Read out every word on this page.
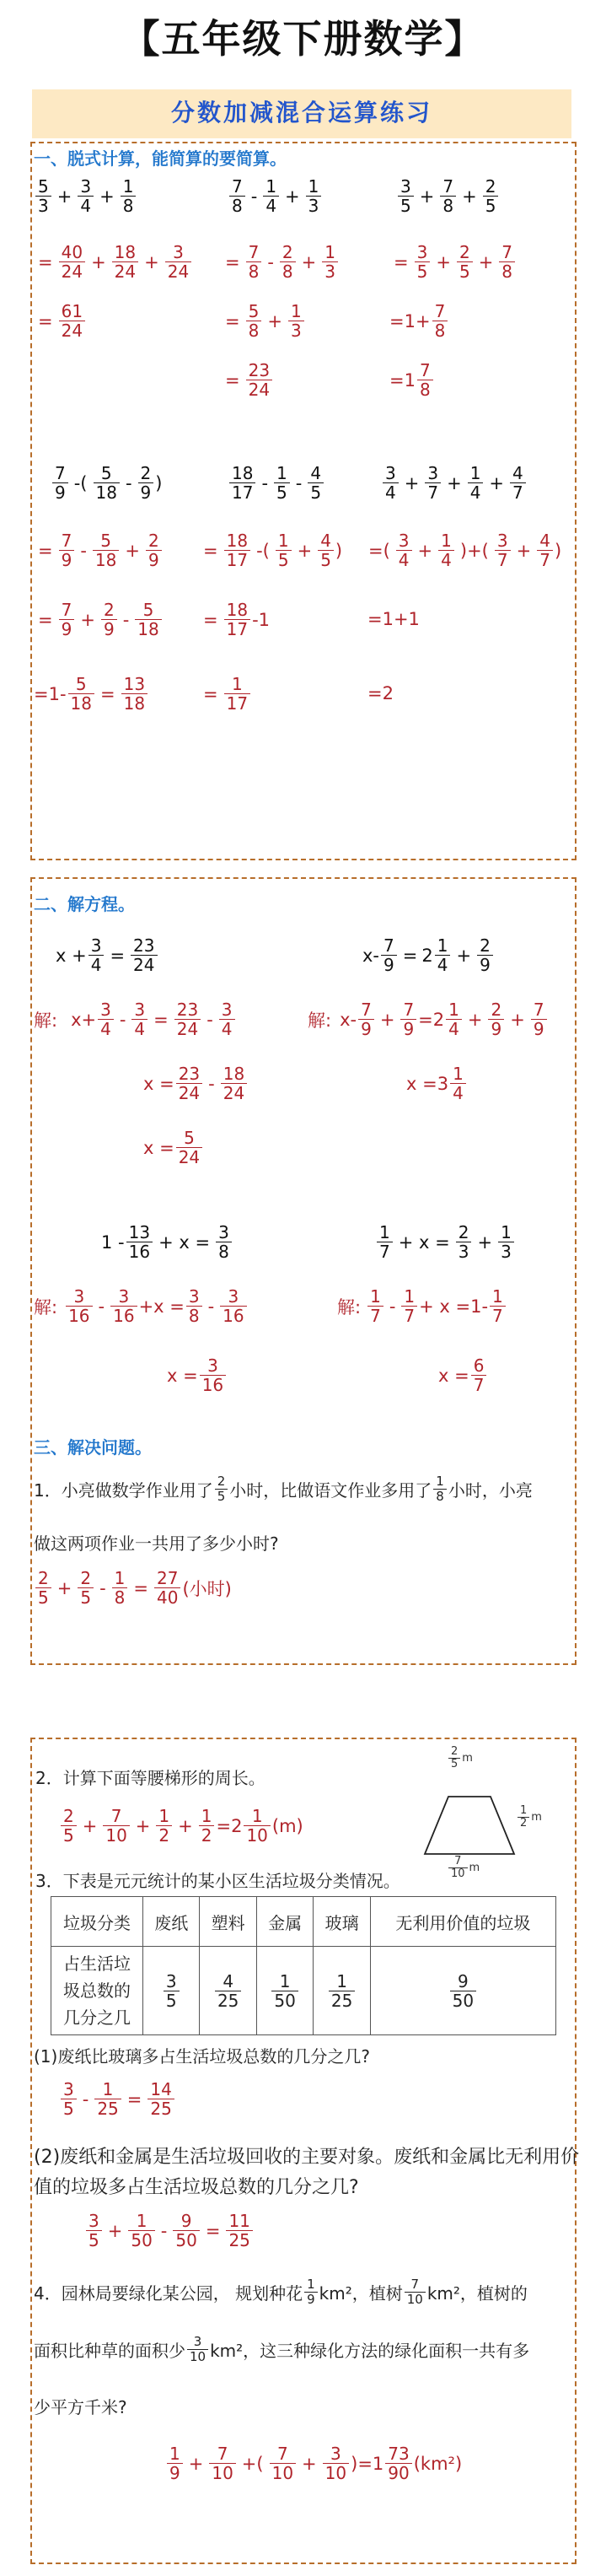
【五年级下册数学】
分数加减混合运算练习
一、脱式计算，能简算的要简算。
$\frac{5}{3} + \frac{3}{4} + \frac{1}{8}$
= $\frac{40}{24} + \frac{18}{24} + \frac{3}{24}$
= $\frac{61}{24}$
$\frac{7}{8} - \frac{1}{4} + \frac{1}{3}$
= $\frac{7}{8} - \frac{2}{8} + \frac{1}{3}$
= $\frac{5}{8} + \frac{1}{3}$
= $\frac{23}{24}$
$\frac{3}{5} + \frac{7}{8} + \frac{2}{5}$
= $\frac{3}{5} + \frac{2}{5} + \frac{7}{8}$
$=1+ \frac{7}{8}$
$=1 \frac{7}{8}$
$\frac{7}{9}$ -( $\frac{5}{18} - \frac{2}{9}$ )
= $\frac{7}{9} - \frac{5}{18} + \frac{2}{9}$
= $\frac{7}{9} + \frac{2}{9} - \frac{5}{18}$
$=1- \frac{5}{18} = \frac{13}{18}$
$\frac{18}{17} - \frac{1}{5} - \frac{4}{5}$
= $\frac{18}{17}$ -( $\frac{1}{5} + \frac{4}{5}$ )
= $\frac{18}{17} -1$
= $\frac{1}{17}$
$\frac{3}{4} + \frac{3}{7} + \frac{1}{4} + \frac{4}{7}$
=( $\frac{3}{4} + \frac{1}{4}$ )+( $\frac{3}{7} + \frac{4}{7}$ )
=1+1
=2
二、解方程。
$x + \frac{3}{4} = \frac{23}{24}$
解: $x+ \frac{3}{4} - \frac{3}{4} = \frac{23}{24} - \frac{3}{4}$
$x = \frac{23}{24} - \frac{18}{24}$
$x = \frac{5}{24}$
$x- \frac{7}{9} = 2 \frac{1}{4} + \frac{2}{9}$
解: $x- \frac{7}{9} + \frac{7}{9} =2 \frac{1}{4} + \frac{2}{9} + \frac{7}{9}$
$x =3 \frac{1}{4}$
$1 - \frac{13}{16} + x = \frac{3}{8}$
解: $\frac{3}{16} - \frac{3}{16} +x = \frac{3}{8} - \frac{3}{16}$
$x = \frac{3}{16}$
$\frac{1}{7} + x = \frac{2}{3} + \frac{1}{3}$
解: $\frac{1}{7} - \frac{1}{7} + x =1- \frac{1}{7}$
$x = \frac{6}{7}$
三、解决问题。
1．小亮做数学作业用了 $\frac{2}{5}$ 小时，比做语文作业多用了 $\frac{1}{8}$ 小时，小亮
做这两项作业一共用了多少小时?
$\frac{2}{5} + \frac{2}{5} - \frac{1}{8} = \frac{27}{40}$ (小时)
2．计算下面等腰梯形的周长。
$\frac{2}{5} + \frac{7}{10} + \frac{1}{2} + \frac{1}{2} =2 \frac{1}{10} (m)$
$\frac{2}{5}$ m
$\frac{1}{2}$ m
$\frac{7}{10}$ m
3．下表是元元统计的某小区生活垃圾分类情况。
垃圾分类	废纸	塑料	金属	玻璃	无利用价值的垃圾
占生活垃圾总数的几分之几	$\frac{3}{5}$	$\frac{4}{25}$	$\frac{1}{50}$	$\frac{1}{25}$	$\frac{9}{50}$
(1)废纸比玻璃多占生活垃圾总数的几分之几?
$\frac{3}{5} - \frac{1}{25} = \frac{14}{25}$
(2)废纸和金属是生活垃圾回收的主要对象。废纸和金属比无利用价值的垃圾多占生活垃圾总数的几分之几?
$\frac{3}{5} + \frac{1}{50} - \frac{9}{50} = \frac{11}{25}$
4．园林局要绿化某公园， 规划种花 $\frac{1}{9} km^2$，植树 $\frac{7}{10} km^2$，植树的
面积比种草的面积少 $\frac{3}{10} km^2$，这三种绿化方法的绿化面积一共有多
少平方千米?
$\frac{1}{9} + \frac{7}{10}$ +( $\frac{7}{10} + \frac{3}{10}$ ) $=1 \frac{73}{90} (km^2)$
